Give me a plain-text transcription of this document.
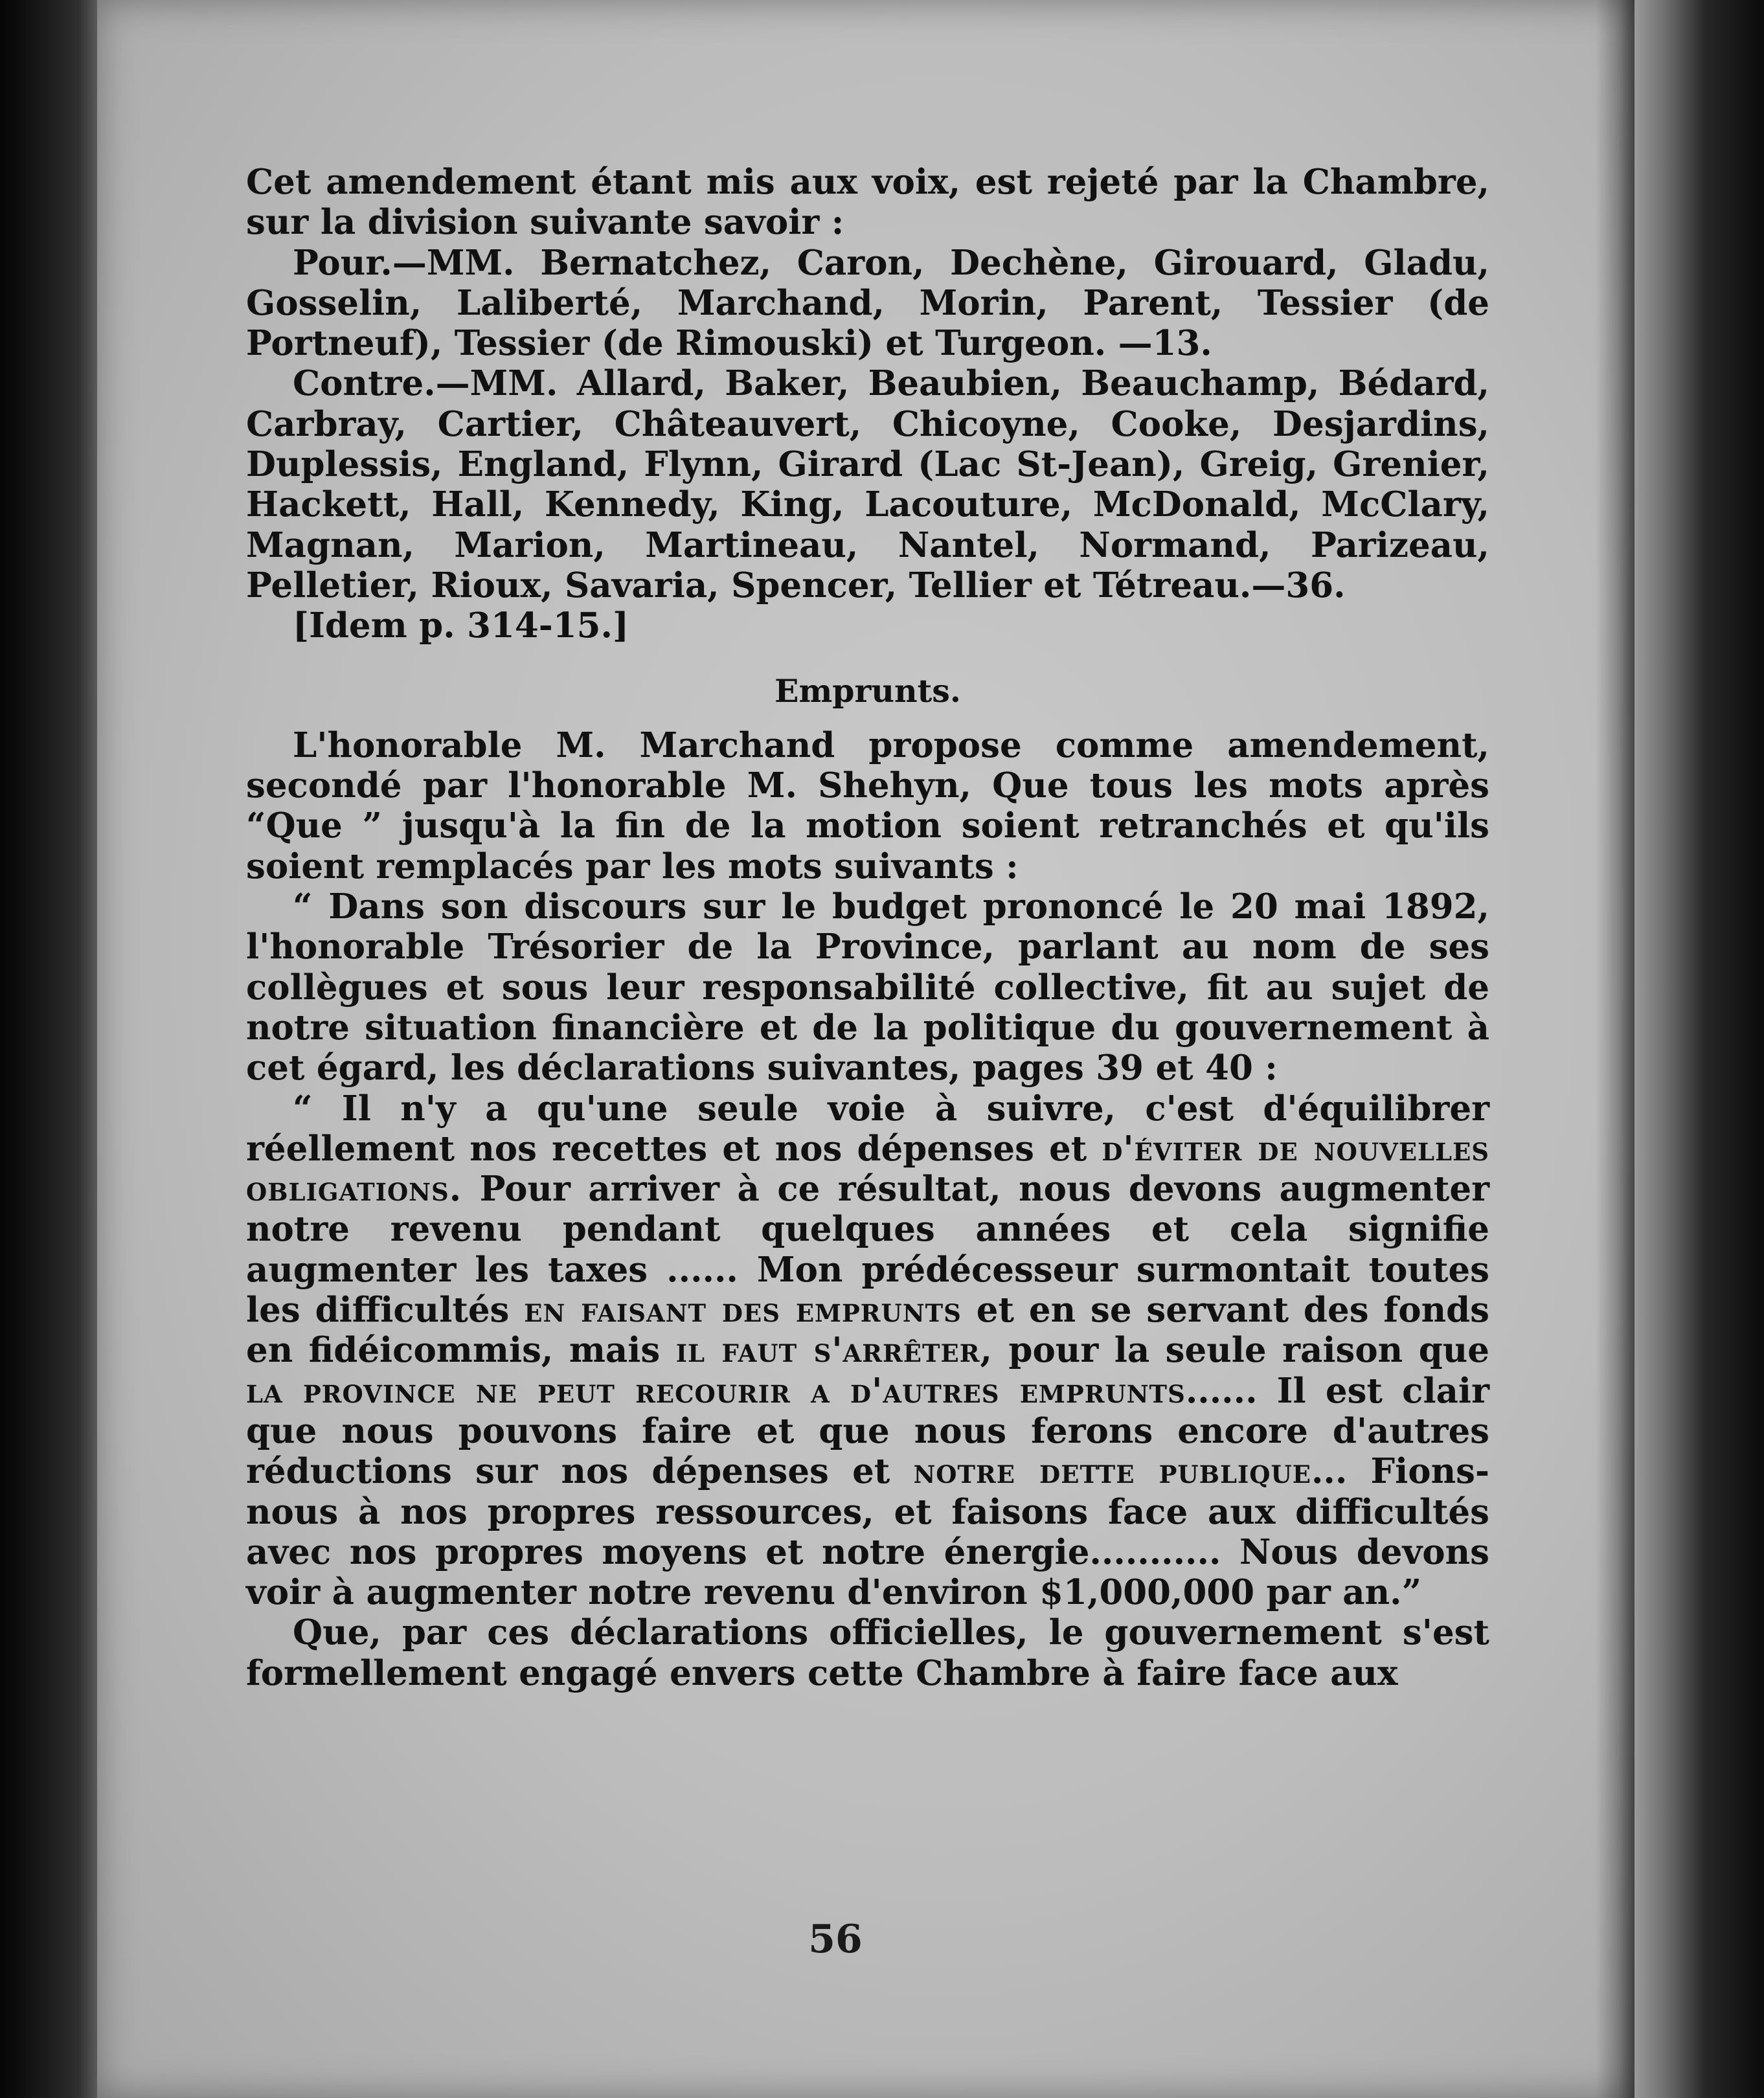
Cet amendement étant mis aux voix, est rejeté par la Chambre, sur la division suivante savoir :

Pour.—MM. Bernatchez, Caron, Dechène, Girouard, Gladu, Gosselin, Laliberté, Marchand, Morin, Parent, Tessier (de Portneuf), Tessier (de Rimouski) et Turgeon. —13.

Contre.—MM. Allard, Baker, Beaubien, Beauchamp, Bédard, Carbray, Cartier, Châteauvert, Chicoyne, Cooke, Desjardins, Duplessis, England, Flynn, Girard (Lac St-Jean), Greig, Grenier, Hackett, Hall, Kennedy, King, Lacouture, McDonald, McClary, Magnan, Marion, Martineau, Nantel, Normand, Parizeau, Pelletier, Rioux, Savaria, Spencer, Tellier et Tétreau.—36.

[Idem p. 314-15.]

Emprunts.

L'honorable M. Marchand propose comme amendement, secondé par l'honorable M. Shehyn, Que tous les mots après “Que ” jusqu'à la fin de la motion soient retranchés et qu'ils soient remplacés par les mots suivants :

“ Dans son discours sur le budget prononcé le 20 mai 1892, l'honorable Trésorier de la Province, parlant au nom de ses collègues et sous leur responsabilité collective, fit au sujet de notre situation financière et de la politique du gouvernement à cet égard, les déclarations suivantes, pages 39 et 40 :

“ Il n'y a qu'une seule voie à suivre, c'est d'équilibrer réellement nos recettes et nos dépenses et d'éviter de nouvelles obligations. Pour arriver à ce résultat, nous devons augmenter notre revenu pendant quelques années et cela signifie augmenter les taxes ...... Mon prédécesseur surmontait toutes les difficultés en faisant des emprunts et en se servant des fonds en fidéicommis, mais il faut s'arrêter, pour la seule raison que la province ne peut recourir a d'autres emprunts...... Il est clair que nous pouvons faire et que nous ferons encore d'autres réductions sur nos dépenses et notre dette publique... Fions-nous à nos propres ressources, et faisons face aux difficultés avec nos propres moyens et notre énergie........... Nous devons voir à augmenter notre revenu d'environ $1,000,000 par an.”

Que, par ces déclarations officielles, le gouvernement s'est formellement engagé envers cette Chambre à faire face aux

56
